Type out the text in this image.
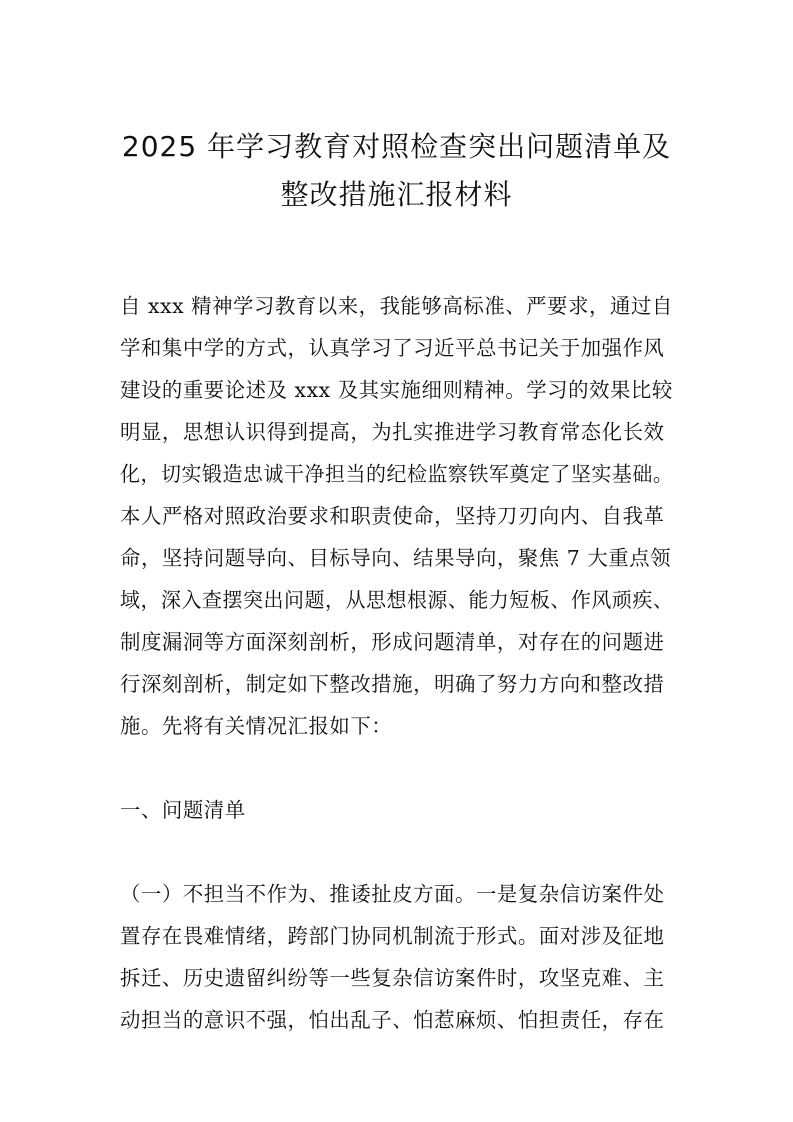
2025 年学习教育对照检查突出问题清单及
整改措施汇报材料
自 xxx 精神学习教育以来，我能够高标准、严要求，通过自
学和集中学的方式，认真学习了习近平总书记关于加强作风
建设的重要论述及 xxx 及其实施细则精神。学习的效果比较
明显，思想认识得到提高，为扎实推进学习教育常态化长效
化，切实锻造忠诚干净担当的纪检监察铁军奠定了坚实基础。
本人严格对照政治要求和职责使命，坚持刀刃向内、自我革
命，坚持问题导向、目标导向、结果导向，聚焦 7 大重点领
域，深入查摆突出问题，从思想根源、能力短板、作风顽疾、
制度漏洞等方面深刻剖析，形成问题清单，对存在的问题进
行深刻剖析，制定如下整改措施，明确了努力方向和整改措
施。先将有关情况汇报如下：
一、问题清单
（一）不担当不作为、推诿扯皮方面。一是复杂信访案件处
置存在畏难情绪，跨部门协同机制流于形式。面对涉及征地
拆迁、历史遗留纠纷等一些复杂信访案件时，攻坚克难、主
动担当的意识不强，怕出乱子、怕惹麻烦、怕担责任，存在
